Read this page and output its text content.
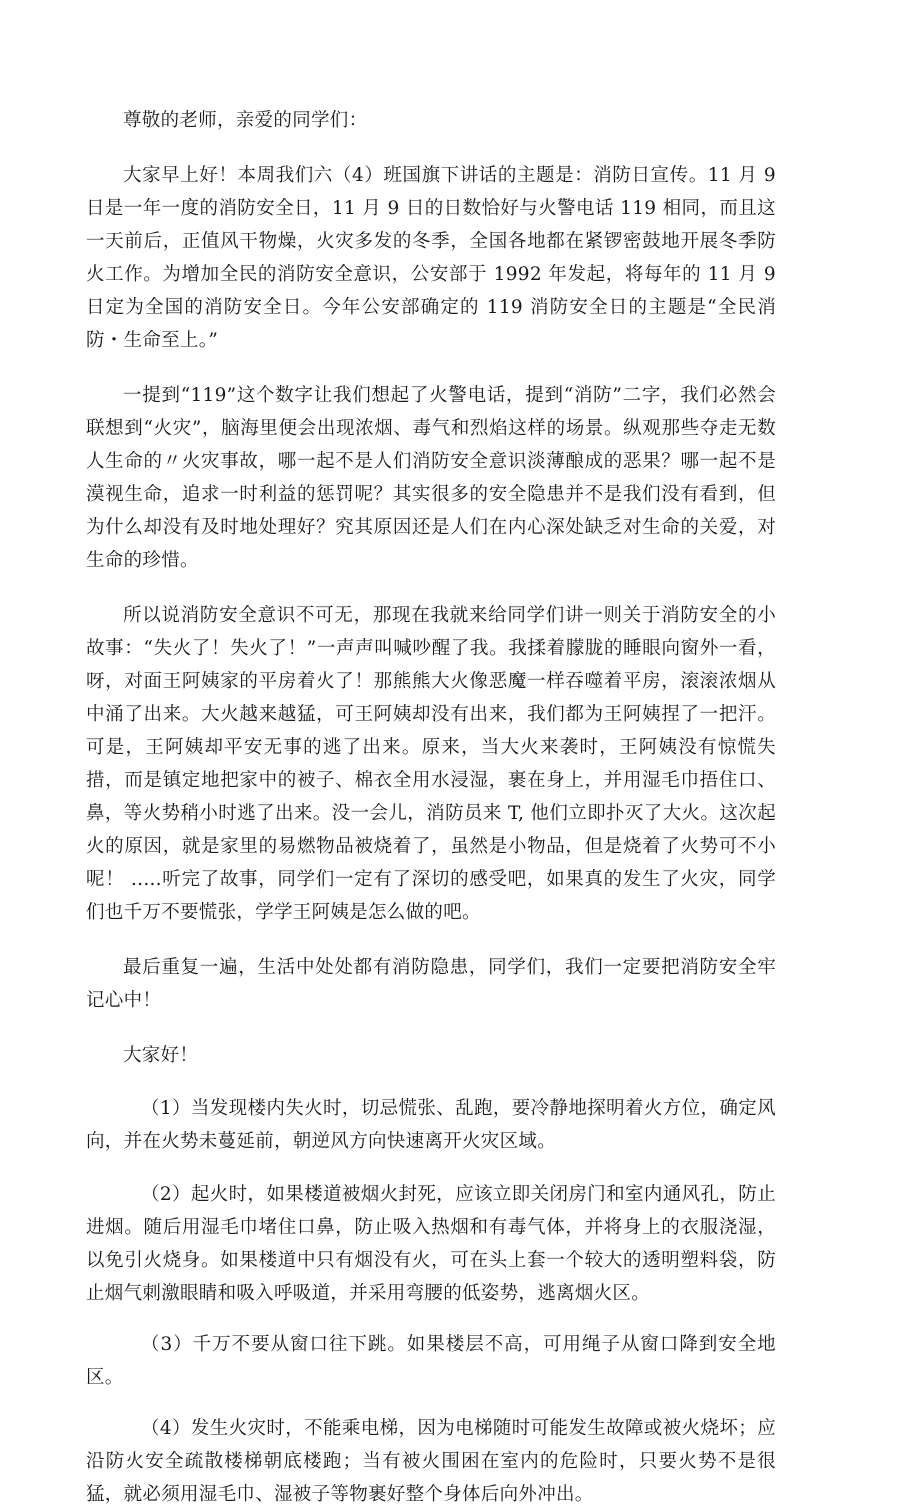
尊敬的老师，亲爱的同学们：

大家早上好！本周我们六（4）班国旗下讲话的主题是：消防日宣传。11 月 9 日是一年一度的消防安全日，11 月 9 日的日数恰好与火警电话 119 相同，而且这一天前后，正值风干物燥，火灾多发的冬季，全国各地都在紧锣密鼓地开展冬季防火工作。为增加全民的消防安全意识，公安部于 1992 年发起，将每年的 11 月 9 日定为全国的消防安全日。今年公安部确定的 119 消防安全日的主题是“全民消防・生命至上。”

一提到“119”这个数字让我们想起了火警电话，提到“消防”二字，我们必然会联想到“火灾”，脑海里便会出现浓烟、毒气和烈焰这样的场景。纵观那些夺走无数人生命的〃火灾事故，哪一起不是人们消防安全意识淡薄酿成的恶果？哪一起不是漠视生命，追求一时利益的惩罚呢？其实很多的安全隐患并不是我们没有看到，但为什么却没有及时地处理好？究其原因还是人们在内心深处缺乏对生命的关爱，对生命的珍惜。

所以说消防安全意识不可无，那现在我就来给同学们讲一则关于消防安全的小故事：“失火了！失火了！”一声声叫喊吵醒了我。我揉着朦胧的睡眼向窗外一看，呀，对面王阿姨家的平房着火了！那熊熊大火像恶魔一样吞噬着平房，滚滚浓烟从中涌了出来。大火越来越猛，可王阿姨却没有出来，我们都为王阿姨捏了一把汗。可是，王阿姨却平安无事的逃了出来。原来，当大火来袭时，王阿姨没有惊慌失措，而是镇定地把家中的被子、棉衣全用水浸湿，裹在身上，并用湿毛巾捂住口、鼻，等火势稍小时逃了出来。没一会儿，消防员来 T, 他们立即扑灭了大火。这次起火的原因，就是家里的易燃物品被烧着了，虽然是小物品，但是烧着了火势可不小呢！ .....听完了故事，同学们一定有了深切的感受吧，如果真的发生了火灾，同学们也千万不要慌张，学学王阿姨是怎么做的吧。

最后重复一遍，生活中处处都有消防隐患，同学们，我们一定要把消防安全牢记心中！

大家好！

（1）当发现楼内失火时，切忌慌张、乱跑，要冷静地探明着火方位，确定风向，并在火势未蔓延前，朝逆风方向快速离开火灾区域。

（2）起火时，如果楼道被烟火封死，应该立即关闭房门和室内通风孔，防止进烟。随后用湿毛巾堵住口鼻，防止吸入热烟和有毒气体，并将身上的衣服浇湿，以免引火烧身。如果楼道中只有烟没有火，可在头上套一个较大的透明塑料袋，防止烟气刺激眼睛和吸入呼吸道，并采用弯腰的低姿势，逃离烟火区。

（3）千万不要从窗口往下跳。如果楼层不高，可用绳子从窗口降到安全地区。

（4）发生火灾时，不能乘电梯，因为电梯随时可能发生故障或被火烧坏；应沿防火安全疏散楼梯朝底楼跑；当有被火围困在室内的危险时，只要火势不是很猛，就必须用湿毛巾、湿被子等物裹好整个身体后向外冲出。
